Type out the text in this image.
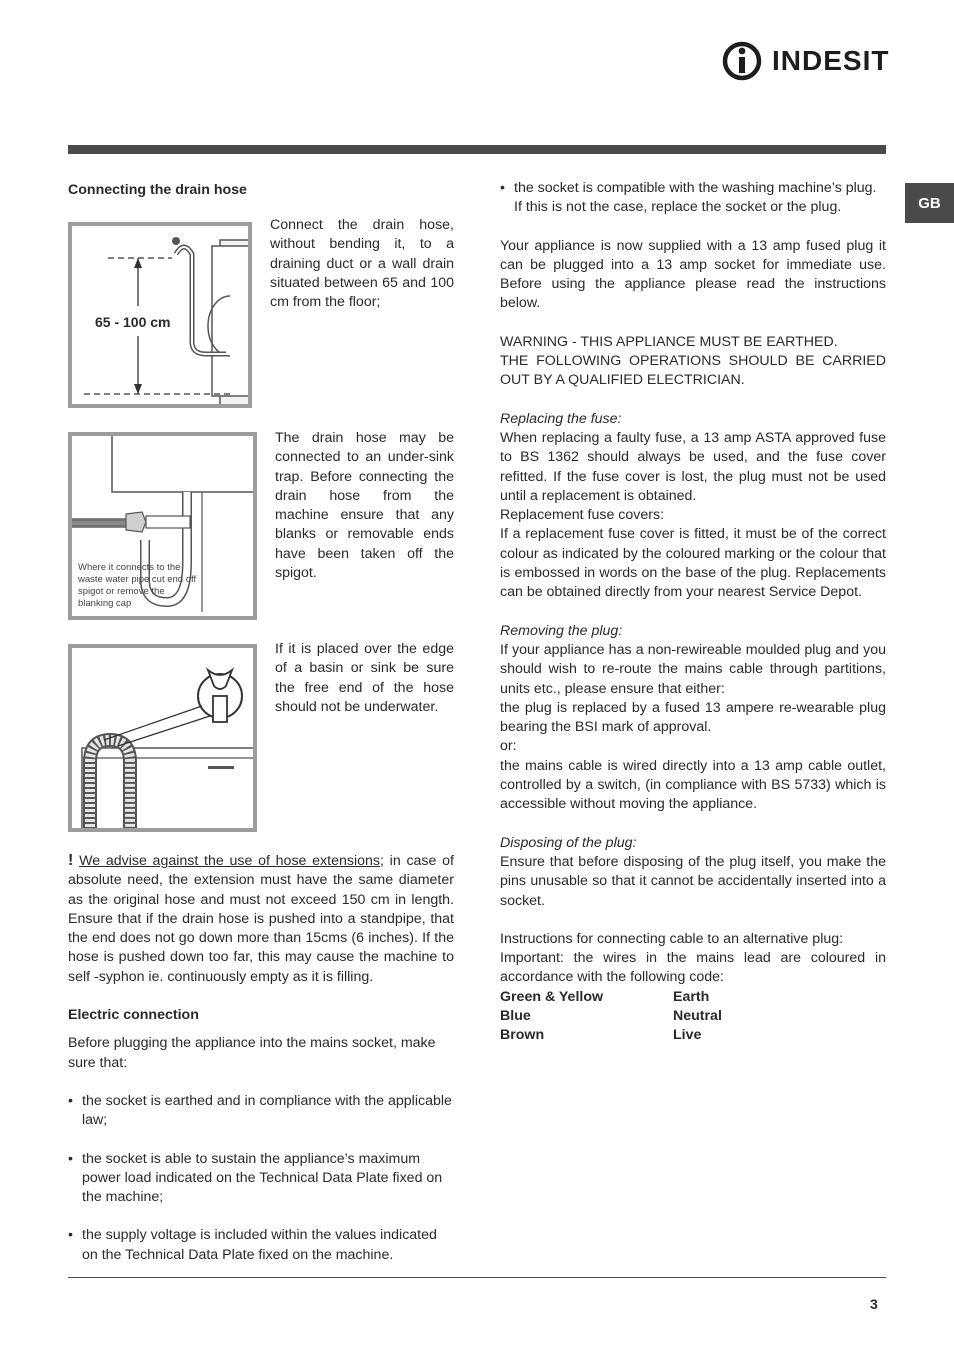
INDESIT
GB

Connecting the drain hose

65 - 100 cm
Connect the drain hose, without bending it, to a draining duct or a wall drain situated between 65 and 100 cm from the floor;
Where it connects to the waste water pipe cut end off spigot or remove the blanking cap
The drain hose may be connected to an under-sink trap. Before connecting the drain hose from the machine ensure that any blanks or removable ends have been taken off the spigot.
If it is placed over the edge of a basin or sink be sure the free end of the hose should not be underwater.

! We advise against the use of hose extensions; in case of absolute need, the extension must have the same diameter as the original hose and must not exceed 150 cm in length. Ensure that if the drain hose is pushed into a standpipe, that the end does not go down more than 15cms (6 inches). If the hose is pushed down too far, this may cause the machine to self -syphon ie. continuously empty as it is filling.

Electric connection

Before plugging the appliance into the mains socket, make sure that:

• the socket is earthed and in compliance with the applicable law;
• the socket is able to sustain the appliance’s maximum power load indicated on the Technical Data Plate fixed on the machine;
• the supply voltage is included within the values indicated on the Technical Data Plate fixed on the machine.
• the socket is compatible with the washing machine’s plug. If this is not the case, replace the socket or the plug.

Your appliance is now supplied with a 13 amp fused plug it can be plugged into a 13 amp socket for immediate use. Before using the appliance please read the instructions below.

WARNING - THIS APPLIANCE MUST BE EARTHED.

THE FOLLOWING OPERATIONS SHOULD BE CARRIED OUT BY A QUALIFIED ELECTRICIAN.

Replacing the fuse:

When replacing a faulty fuse, a 13 amp ASTA approved fuse to BS 1362 should always be used, and the fuse cover refitted. If the fuse cover is lost, the plug must not be used until a replacement is obtained.

Replacement fuse covers:

If a replacement fuse cover is fitted, it must be of the correct colour as indicated by the coloured marking or the colour that is embossed in words on the base of the plug. Replacements can be obtained directly from your nearest Service Depot.

Removing the plug:

If your appliance has a non-rewireable moulded plug and you should wish to re-route the mains cable through partitions, units etc., please ensure that either:

the plug is replaced by a fused 13 ampere re-wearable plug bearing the BSI mark of approval.

or:

the mains cable is wired directly into a 13 amp cable outlet, controlled by a switch, (in compliance with BS 5733) which is accessible without moving the appliance.

Disposing of the plug:

Ensure that before disposing of the plug itself, you make the pins unusable so that it cannot be accidentally inserted into a socket.

Instructions for connecting cable to an alternative plug:

Important: the wires in the mains lead are coloured in accordance with the following code:

Green & Yellow	Earth
Blue	Neutral
Brown	Live
3
